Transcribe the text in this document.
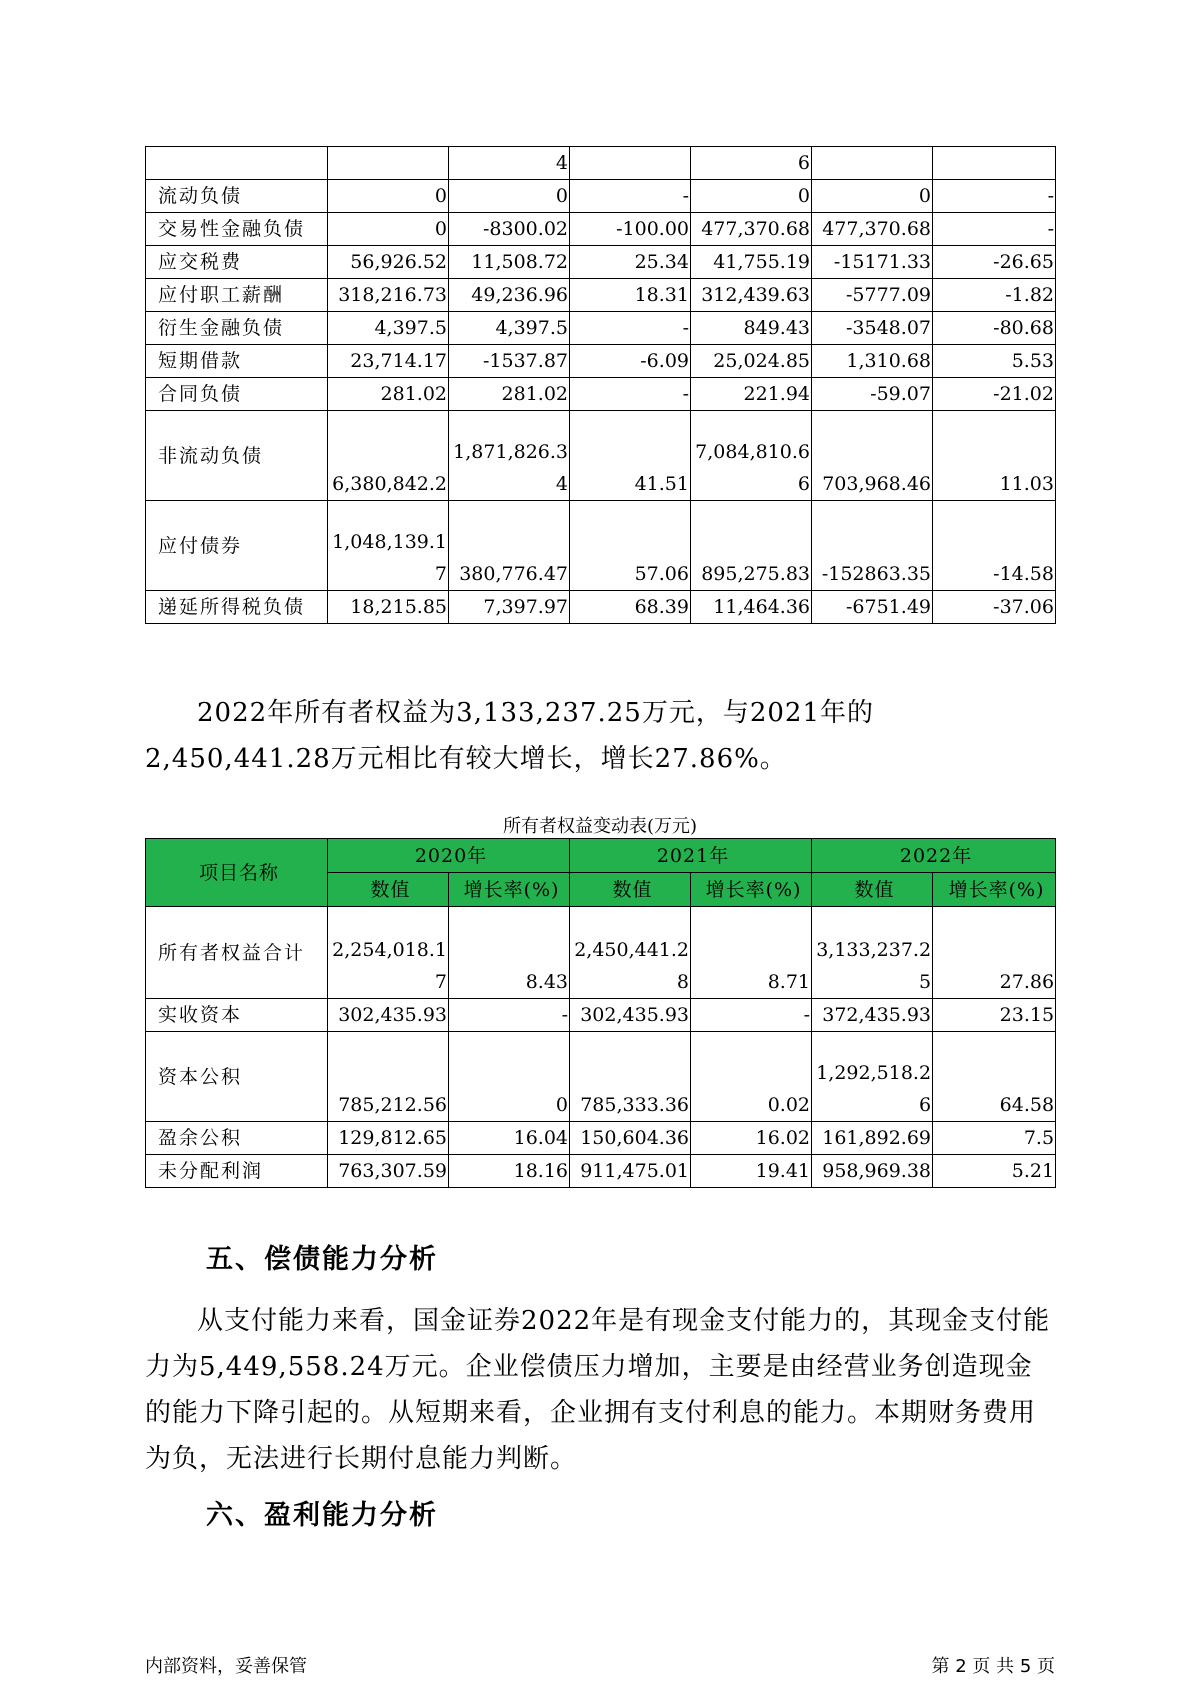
		4		6		
流动负债	0	0	-	0	0	-
交易性金融负债	0	-8300.02	-100.00	477,370.68	477,370.68	-
应交税费	56,926.52	11,508.72	25.34	41,755.19	-15171.33	-26.65
应付职工薪酬	318,216.73	49,236.96	18.31	312,439.63	-5777.09	-1.82
衍生金融负债	4,397.5	4,397.5	-	849.43	-3548.07	-80.68
短期借款	23,714.17	-1537.87	-6.09	25,024.85	1,310.68	5.53
合同负债	281.02	281.02	-	221.94	-59.07	-21.02
非流动负债	6,380,842.2	1,871,826.34	41.51	7,084,810.66	703,968.46	11.03
应付债券	1,048,139.17	380,776.47	57.06	895,275.83	-152863.35	-14.58
递延所得税负债	18,215.85	7,397.97	68.39	11,464.36	-6751.49	-37.06
2022年所有者权益为3,133,237.25万元，与2021年的2,450,441.28万元相比有较大增长，增长27.86%。
所有者权益变动表(万元)
项目名称	2020年		2021年		2022年	
	数值	增长率(%)	数值	增长率(%)	数值	增长率(%)
所有者权益合计	2,254,018.17	8.43	2,450,441.28	8.71	3,133,237.25	27.86
实收资本	302,435.93	-	302,435.93	-	372,435.93	23.15
资本公积	785,212.56	0	785,333.36	0.02	1,292,518.26	64.58
盈余公积	129,812.65	16.04	150,604.36	16.02	161,892.69	7.5
未分配利润	763,307.59	18.16	911,475.01	19.41	958,969.38	5.21
五、偿债能力分析
从支付能力来看，国金证券2022年是有现金支付能力的，其现金支付能力为5,449,558.24万元。企业偿债压力增加，主要是由经营业务创造现金的能力下降引起的。从短期来看，企业拥有支付利息的能力。本期财务费用为负，无法进行长期付息能力判断。
六、盈利能力分析
内部资料，妥善保管	第 2 页 共 5 页
